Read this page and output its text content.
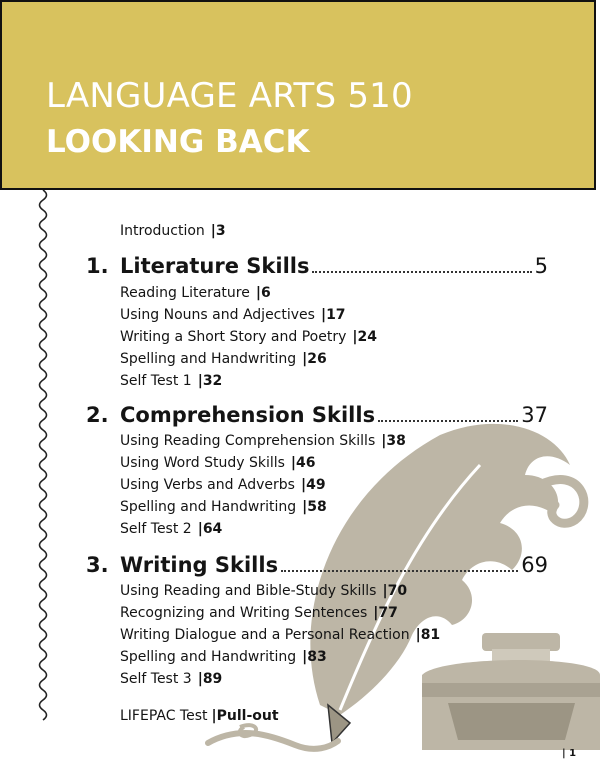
LANGUAGE ARTS 510
LOOKING BACK
Introduction |3
1. Literature Skills	5
Reading Literature |6
Using Nouns and Adjectives |17
Writing a Short Story and Poetry |24
Spelling and Handwriting |26
Self Test 1 |32
2. Comprehension Skills	37
Using Reading Comprehension Skills |38
Using Word Study Skills |46
Using Verbs and Adverbs |49
Spelling and Handwriting |58
Self Test 2 |64
3. Writing Skills	69
Using Reading and Bible-Study Skills |70
Recognizing and Writing Sentences |77
Writing Dialogue and a Personal Reaction |81
Spelling and Handwriting |83
Self Test 3 |89
LIFEPAC Test |Pull-out
| 1
